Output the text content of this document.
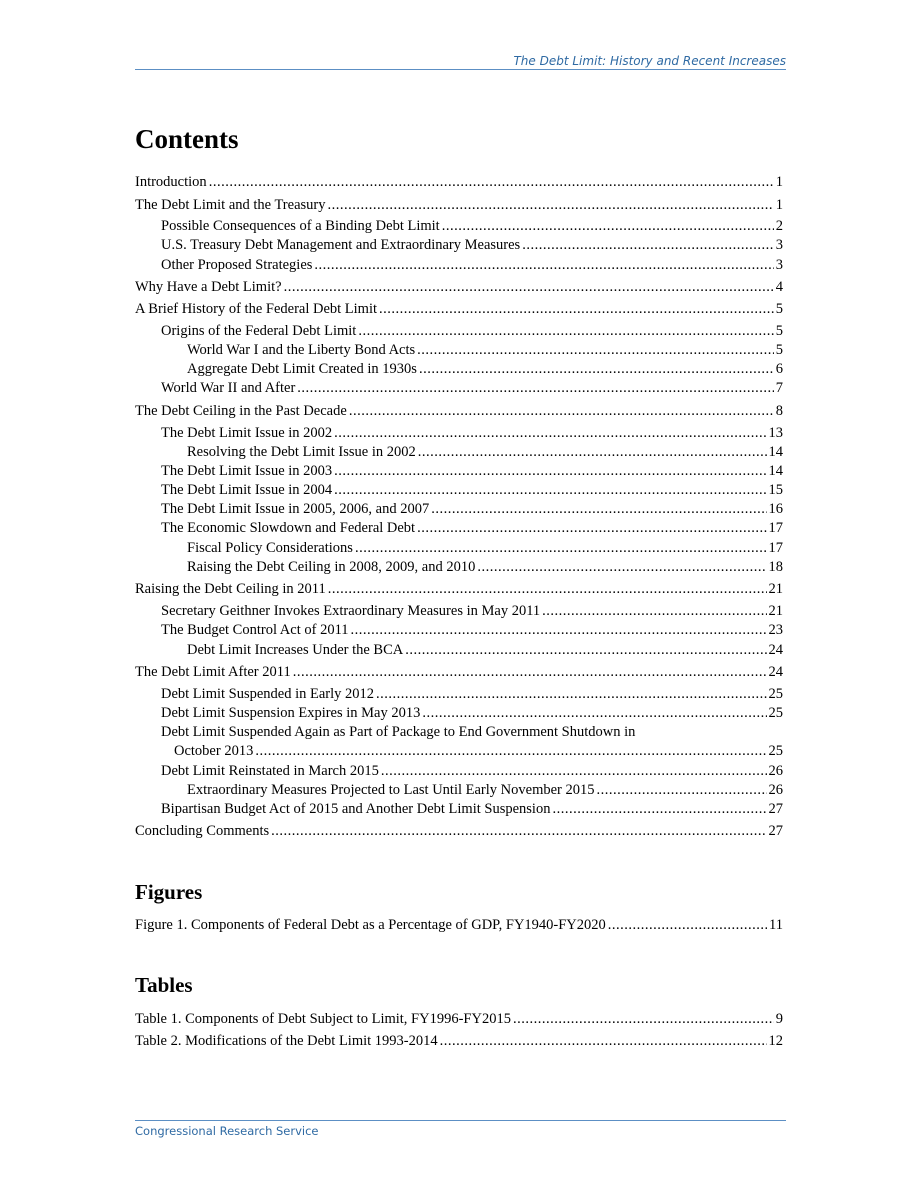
The Debt Limit: History and Recent Increases
Contents
Introduction .....	1
The Debt Limit and the Treasury .....	1
Possible Consequences of a Binding Debt Limit .....	2
U.S. Treasury Debt Management and Extraordinary Measures .....	3
Other Proposed Strategies .....	3
Why Have a Debt Limit? .....	4
A Brief History of the Federal Debt Limit .....	5
Origins of the Federal Debt Limit .....	5
World War I and the Liberty Bond Acts .....	5
Aggregate Debt Limit Created in 1930s .....	6
World War II and After .....	7
The Debt Ceiling in the Past Decade .....	8
The Debt Limit Issue in 2002 .....	13
Resolving the Debt Limit Issue in 2002 .....	14
The Debt Limit Issue in 2003 .....	14
The Debt Limit Issue in 2004 .....	15
The Debt Limit Issue in 2005, 2006, and 2007 .....	16
The Economic Slowdown and Federal Debt .....	17
Fiscal Policy Considerations .....	17
Raising the Debt Ceiling in 2008, 2009, and 2010 .....	18
Raising the Debt Ceiling in 2011 .....	21
Secretary Geithner Invokes Extraordinary Measures in May 2011 .....	21
The Budget Control Act of 2011 .....	23
Debt Limit Increases Under the BCA .....	24
The Debt Limit After 2011 .....	24
Debt Limit Suspended in Early 2012 .....	25
Debt Limit Suspension Expires in May 2013 .....	25
Debt Limit Suspended Again as Part of Package to End Government Shutdown in
October 2013 .....	25
Debt Limit Reinstated in March 2015 .....	26
Extraordinary Measures Projected to Last Until Early November 2015 .....	26
Bipartisan Budget Act of 2015 and Another Debt Limit Suspension .....	27
Concluding Comments .....	27
Figures
Figure 1. Components of Federal Debt as a Percentage of GDP, FY1940-FY2020 .....	11
Tables
Table 1. Components of Debt Subject to Limit, FY1996-FY2015 .....	9
Table 2. Modifications of the Debt Limit 1993-2014 .....	12
Congressional Research Service
